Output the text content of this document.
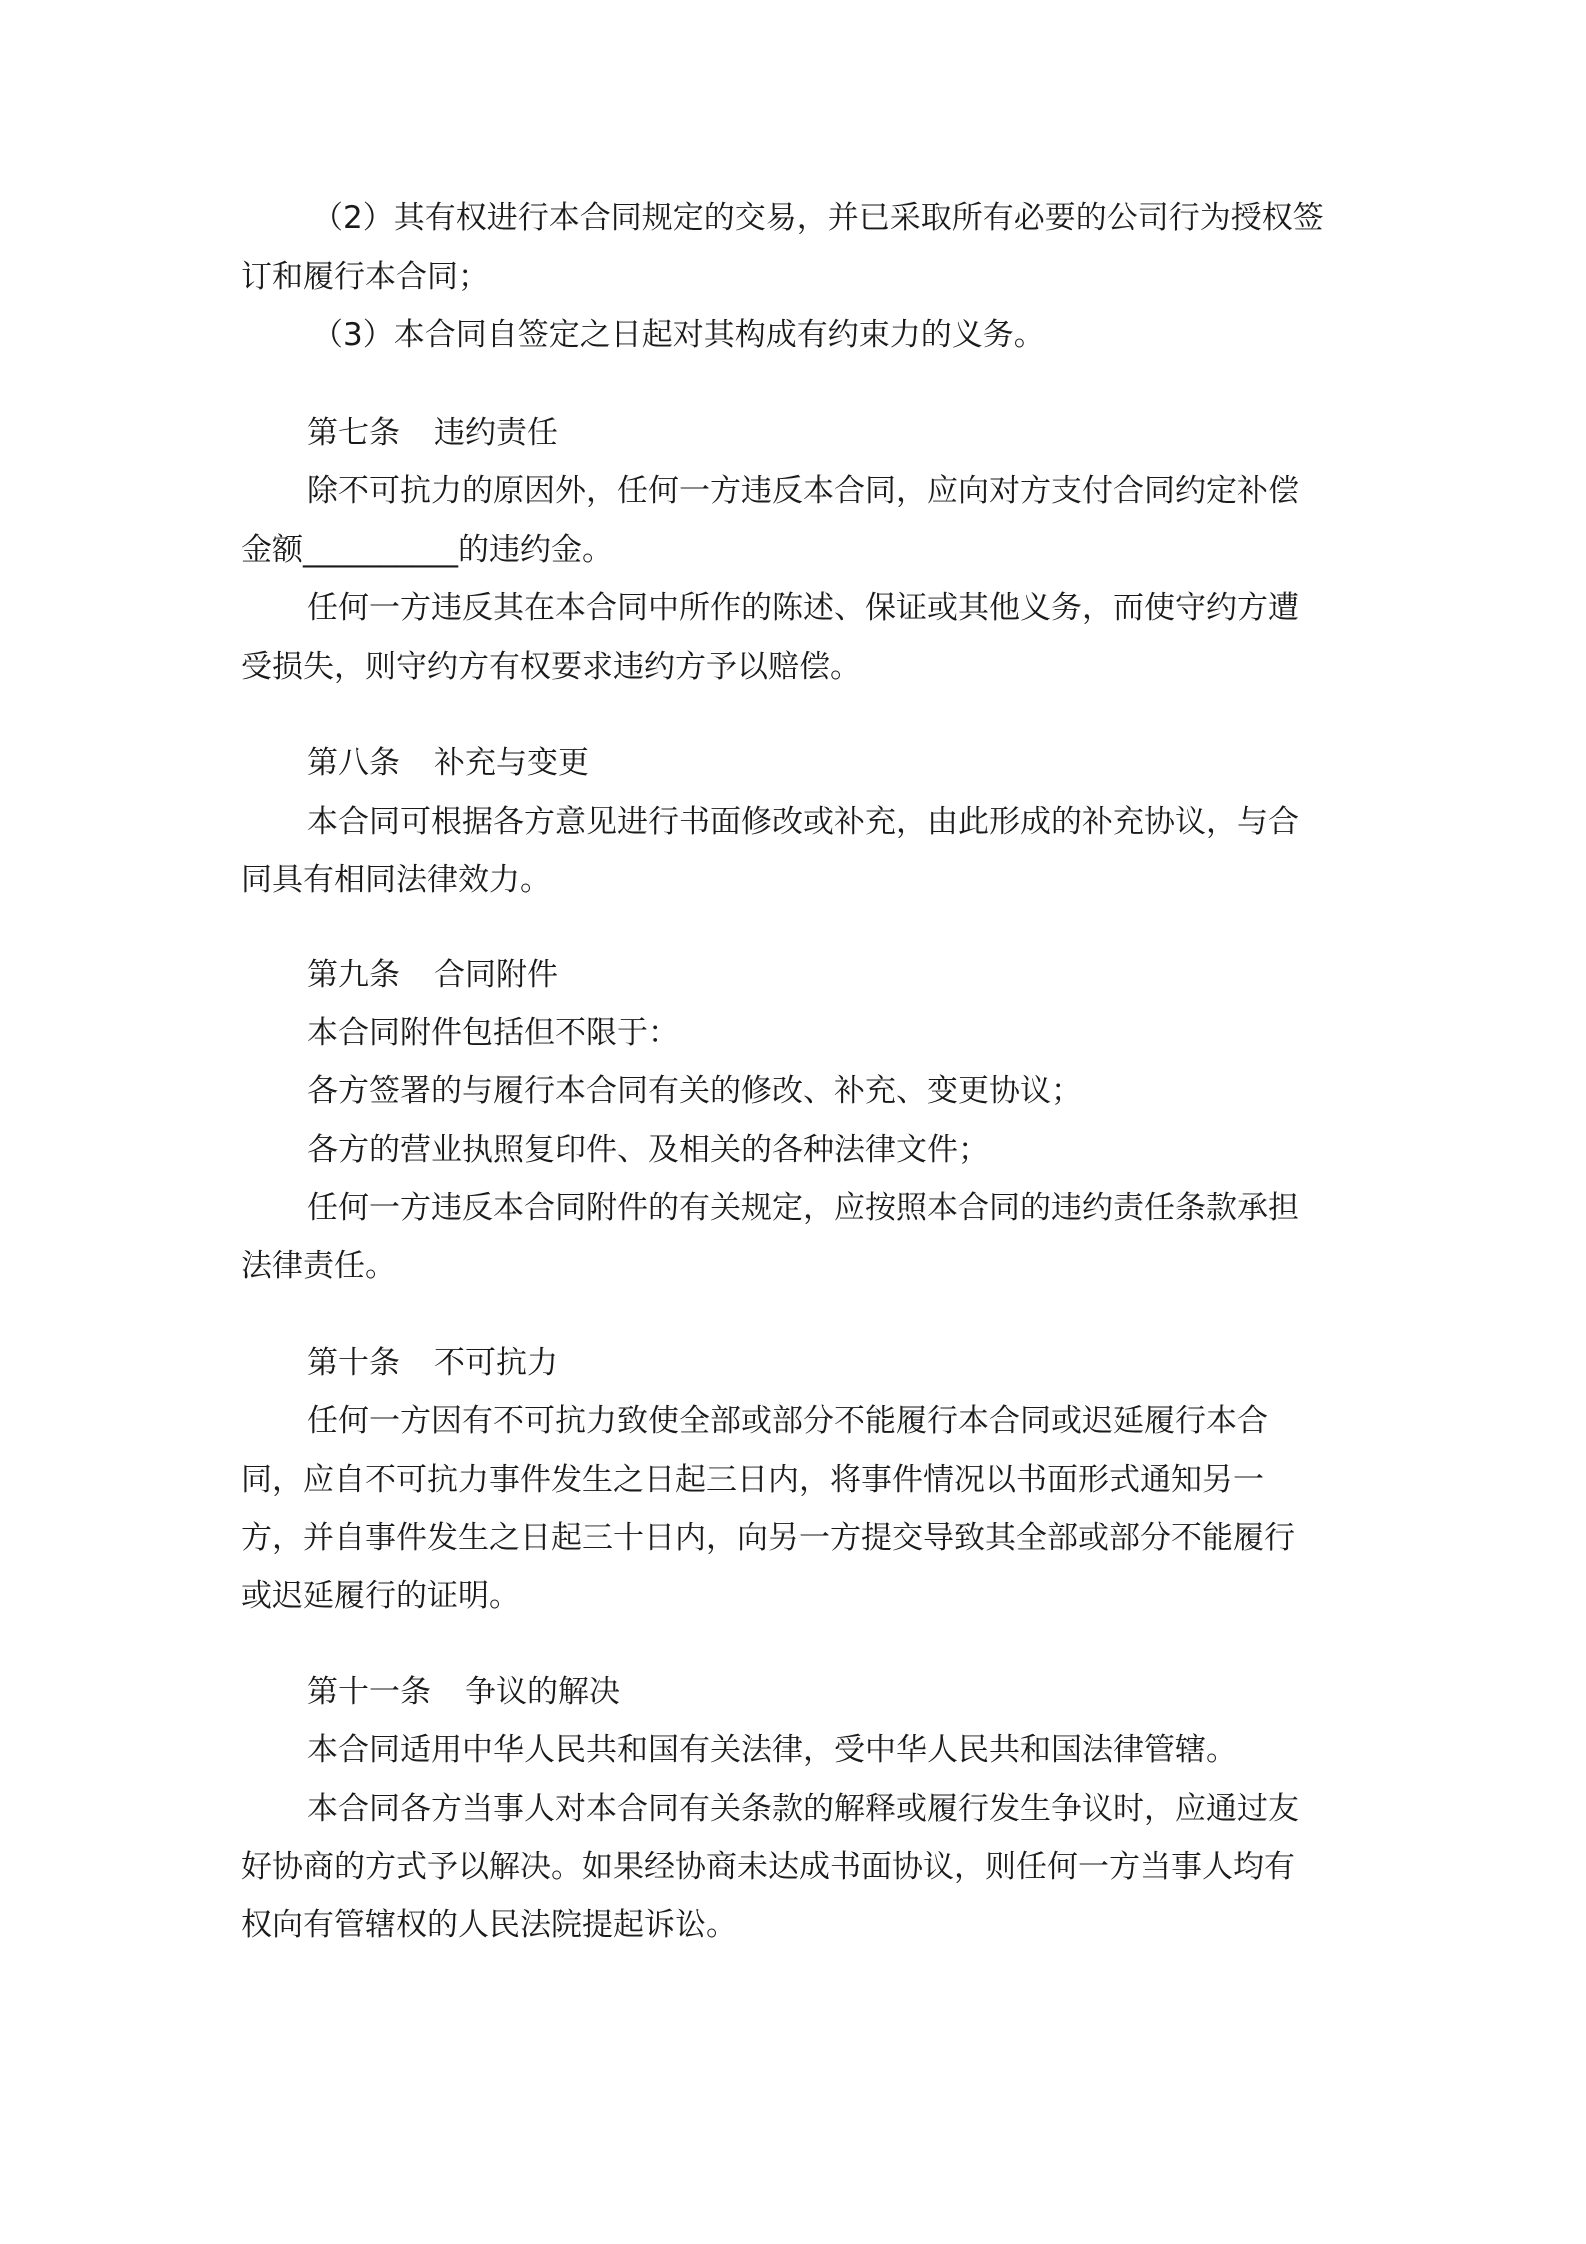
（2）其有权进行本合同规定的交易，并已采取所有必要的公司行为授权签
订和履行本合同；
（3）本合同自签定之日起对其构成有约束力的义务。
第七条 违约责任
除不可抗力的原因外，任何一方违反本合同，应向对方支付合同约定补偿
金额__________的违约金。
任何一方违反其在本合同中所作的陈述、保证或其他义务，而使守约方遭
受损失，则守约方有权要求违约方予以赔偿。
第八条 补充与变更
本合同可根据各方意见进行书面修改或补充，由此形成的补充协议，与合
同具有相同法律效力。
第九条 合同附件
本合同附件包括但不限于：
各方签署的与履行本合同有关的修改、补充、变更协议；
各方的营业执照复印件、及相关的各种法律文件；
任何一方违反本合同附件的有关规定，应按照本合同的违约责任条款承担
法律责任。
第十条 不可抗力
任何一方因有不可抗力致使全部或部分不能履行本合同或迟延履行本合
同，应自不可抗力事件发生之日起三日内，将事件情况以书面形式通知另一
方，并自事件发生之日起三十日内，向另一方提交导致其全部或部分不能履行
或迟延履行的证明。
第十一条 争议的解决
本合同适用中华人民共和国有关法律，受中华人民共和国法律管辖。
本合同各方当事人对本合同有关条款的解释或履行发生争议时，应通过友
好协商的方式予以解决。如果经协商未达成书面协议，则任何一方当事人均有
权向有管辖权的人民法院提起诉讼。
